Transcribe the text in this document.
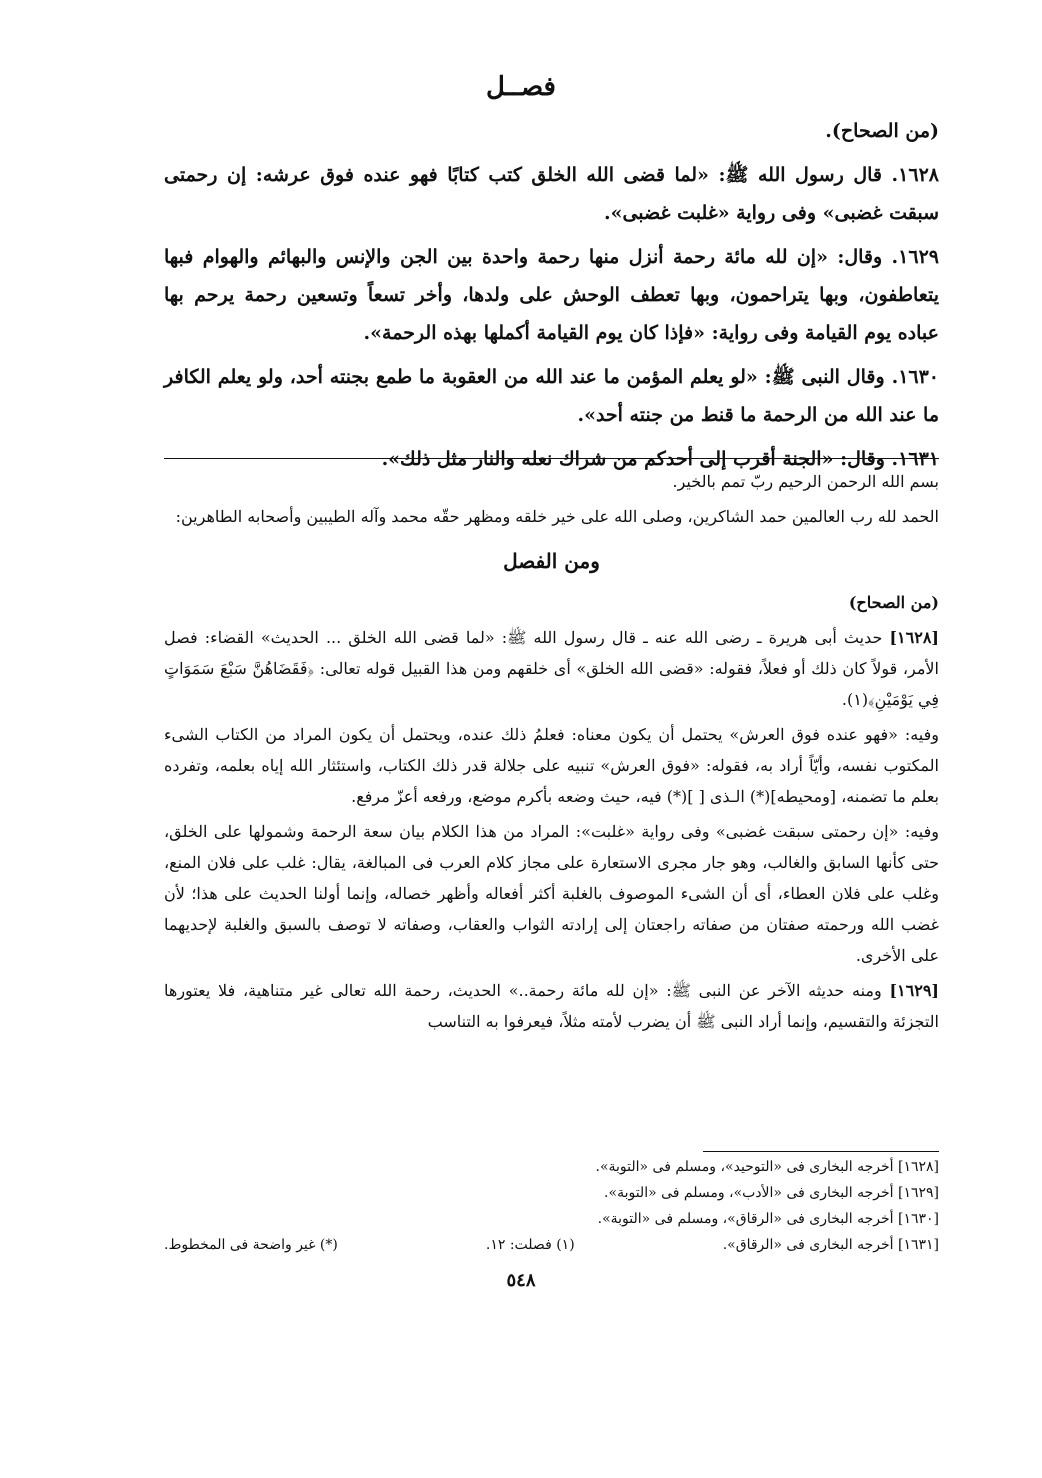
فصــل

(من الصحاح).

١٦٢٨. قال رسول الله ﷺ: «لما قضى الله الخلق كتب كتابًا فهو عنده فوق عرشه: إن رحمتى سبقت غضبى» وفى رواية «غلبت غضبى».

١٦٢٩. وقال: «إن لله مائة رحمة أنزل منها رحمة واحدة بين الجن والإنس والبهائم والهوام فبها يتعاطفون، وبها يتراحمون، وبها تعطف الوحش على ولدها، وأخر تسعاً وتسعين رحمة يرحم بها عباده يوم القيامة وفى رواية: «فإذا كان يوم القيامة أكملها بهذه الرحمة».

١٦٣٠. وقال النبى ﷺ: «لو يعلم المؤمن ما عند الله من العقوبة ما طمع بجنته أحد، ولو يعلم الكافر ما عند الله من الرحمة ما قنط من جنته أحد».

١٦٣١. وقال: «الجنة أقرب إلى أحدكم من شراك نعله والنار مثل ذلك».

بسم الله الرحمن الرحيم ربّ تمم بالخير.

الحمد لله رب العالمين حمد الشاكرين، وصلى الله على خير خلقه ومظهر حقّه محمد وآله الطيبين وأصحابه الطاهرين:

ومن الفصل

(من الصحاح)

[١٦٢٨] حديث أبى هريرة ـ رضى الله عنه ـ قال رسول الله ﷺ: «لما قضى الله الخلق ... الحديث» القضاء: فصل الأمر، قولاً كان ذلك أو فعلاً، فقوله: «قضى الله الخلق» أى خلقهم ومن هذا القبيل قوله تعالى: ﴿فَقَضَاهُنَّ سَبْعَ سَمَوَاتٍ فِي يَوْمَيْنِ﴾(١).

وفيه: «فهو عنده فوق العرش» يحتمل أن يكون معناه: فعلمُ ذلك عنده، ويحتمل أن يكون المراد من الكتاب الشىء المكتوب نفسه، وأيّاً أراد به، فقوله: «فوق العرش» تنبيه على جلالة قدر ذلك الكتاب، واستئثار الله إياه بعلمه، وتفرده بعلم ما تضمنه، [ومحيطه](*) الـذى [ ](*) فيه، حيث وضعه بأكرم موضع، ورفعه أعزّ مرفع.

وفيه: «إن رحمتى سبقت غضبى» وفى رواية «غلبت»: المراد من هذا الكلام بيان سعة الرحمة وشمولها على الخلق، حتى كأنها السابق والغالب، وهو جار مجرى الاستعارة على مجاز كلام العرب فى المبالغة، يقال: غلب على فلان المنع، وغلب على فلان العطاء، أى أن الشىء الموصوف بالغلبة أكثر أفعاله وأظهر خصاله، وإنما أولنا الحديث على هذا؛ لأن غضب الله ورحمته صفتان من صفاته راجعتان إلى إرادته الثواب والعقاب، وصفاته لا توصف بالسبق والغلبة لإحديهما على الأخرى.

[١٦٢٩] ومنه حديثه الآخر عن النبى ﷺ: «إن لله مائة رحمة..» الحديث، رحمة الله تعالى غير متناهية، فلا يعتورها التجزئة والتقسيم، وإنما أراد النبى ﷺ أن يضرب لأمته مثلاً، فيعرفوا به التناسب

[١٦٢٨] أخرجه البخارى فى «التوحيد»، ومسلم فى «التوبة».

[١٦٢٩] أخرجه البخارى فى «الأدب»، ومسلم فى «التوبة».

[١٦٣٠] أخرجه البخارى فى «الرقاق»، ومسلم فى «التوبة».

[١٦٣١] أخرجه البخارى فى «الرقاق».
(١) فصلت: ١٢.
(*) غير واضحة فى المخطوط.
٥٤٨
